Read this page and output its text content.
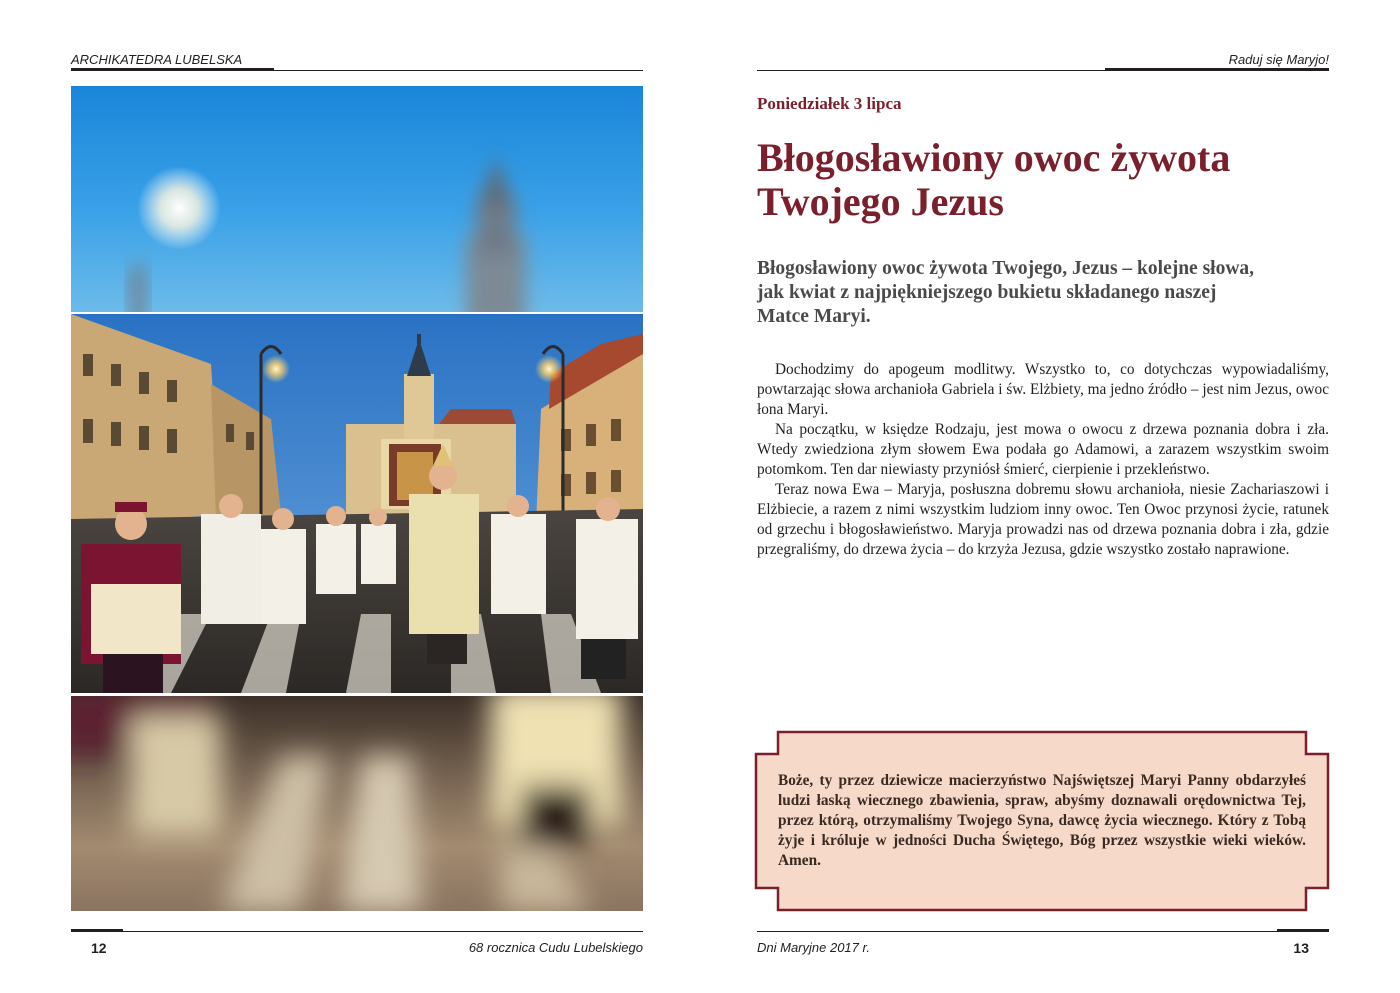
ARCHIKATEDRA LUBELSKA
12	68 rocznica Cudu Lubelskiego
Raduj się Maryjo!
Poniedziałek 3 lipca
Błogosławiony owoc żywota
Twojego Jezus

Błogosławiony owoc żywota Twojego, Jezus – kolejne słowa,
jak kwiat z najpiękniejszego bukietu składanego naszej
Matce Maryi.

Dochodzimy do apogeum modlitwy. Wszystko to, co dotychczas wypowiadaliśmy, powtarzając słowa archanioła Gabriela i św. Elżbiety, ma jedno źródło – jest nim Jezus, owoc łona Maryi.

Na początku, w księdze Rodzaju, jest mowa o owocu z drzewa poznania dobra i zła. Wtedy zwiedziona złym słowem Ewa podała go Adamowi, a zarazem wszystkim swoim potomkom. Ten dar niewiasty przyniósł śmierć, cierpienie i przekleństwo.

Teraz nowa Ewa – Maryja, posłuszna dobremu słowu archanioła, niesie Zachariaszowi i Elżbiecie, a razem z nimi wszystkim ludziom inny owoc. Ten Owoc przynosi życie, ratunek od grzechu i błogosławieństwo. Maryja prowadzi nas od drzewa poznania dobra i zła, gdzie przegraliśmy, do drzewa życia – do krzyża Jezusa, gdzie wszystko zostało naprawione.

Boże, ty przez dziewicze macierzyństwo Najświętszej Maryi Panny obdarzyłeś ludzi łaską wiecznego zbawienia, spraw, abyśmy doznawali orędownictwa Tej, przez którą, otrzymaliśmy Twojego Syna, dawcę życia wiecznego. Który z Tobą żyje i króluje w jedności Ducha Świętego, Bóg przez wszystkie wieki wieków. Amen.
Dni Maryjne 2017 r.	13
